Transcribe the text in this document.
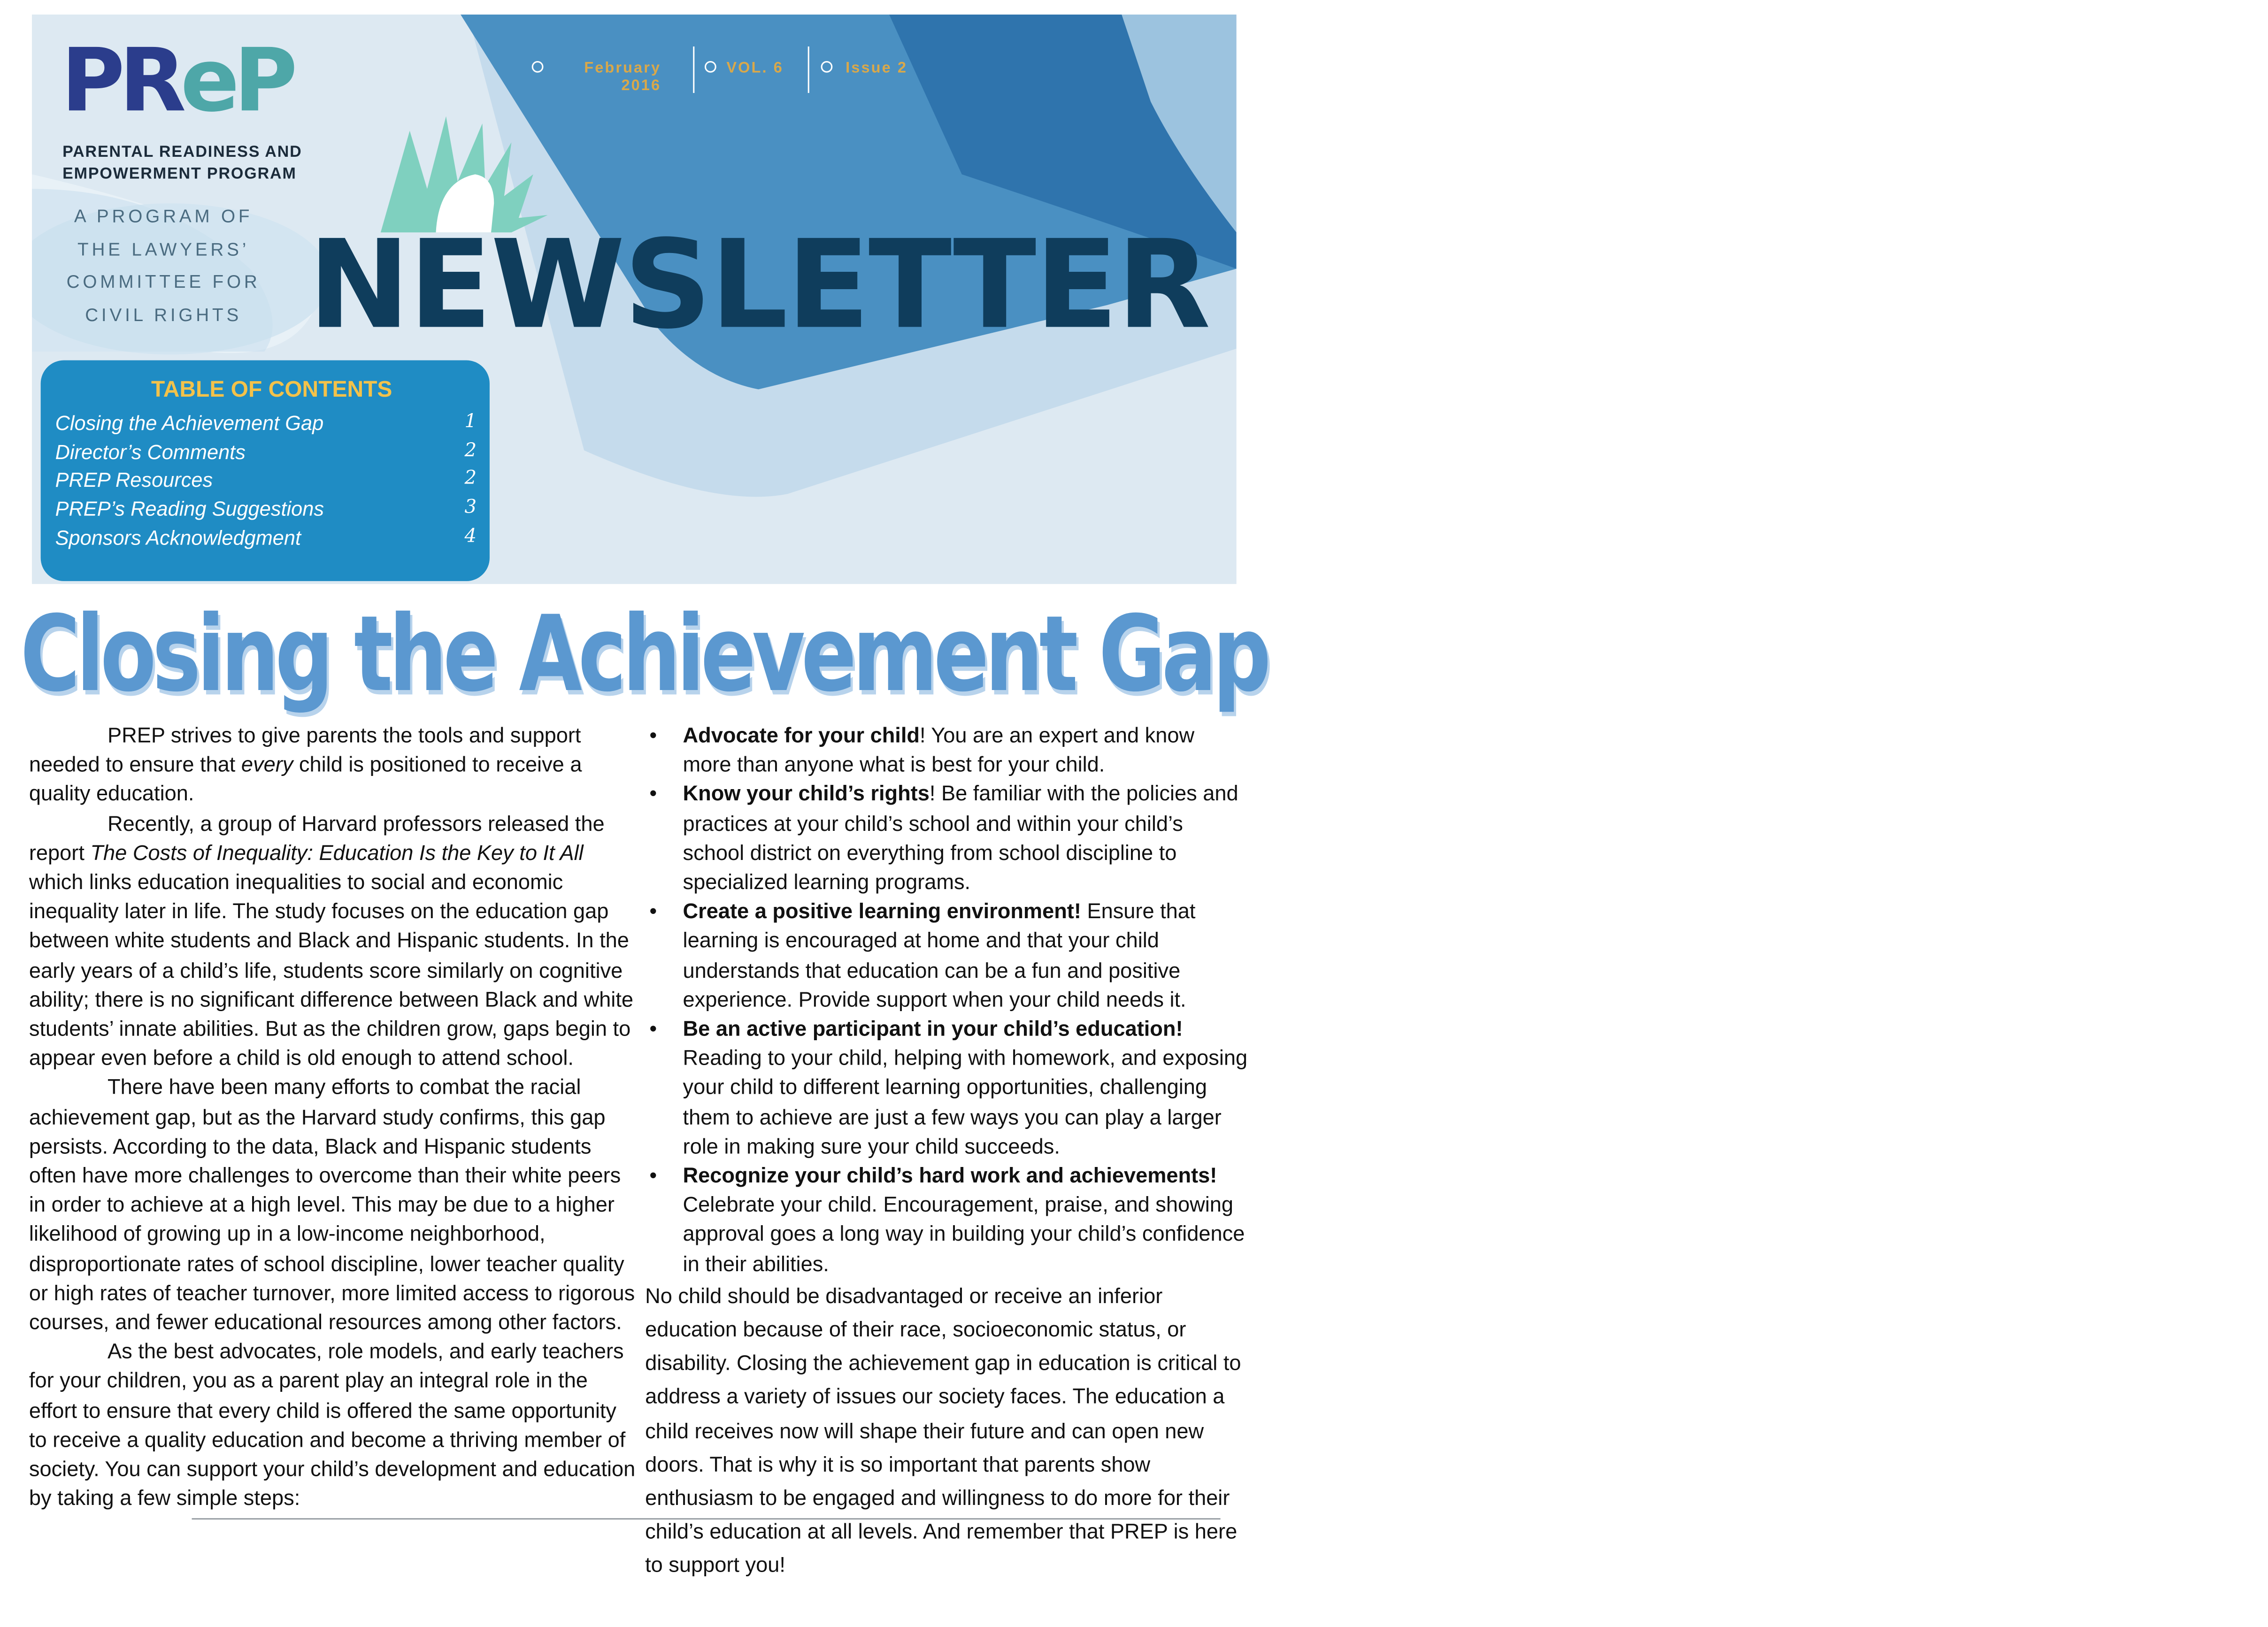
PReP
PARENTAL READINESS AND
EMPOWERMENT PROGRAM
A PROGRAM OF
THE LAWYERS’
COMMITTEE FOR
CIVIL RIGHTS
February
2016
VOL. 6	Issue 2
NEWSLETTER
TABLE OF CONTENTS
Closing the Achievement Gap	1
Director’s Comments	2
PREP Resources	2
PREP’s Reading Suggestions	3
Sponsors Acknowledgment	4
Closing the Achievement Gap

PREP strives to give parents the tools and support needed to ensure that every child is positioned to receive a quality education.

Recently, a group of Harvard professors released the report The Costs of Inequality: Education Is the Key to It All which links education inequalities to social and economic inequality later in life. The study focuses on the education gap between white students and Black and Hispanic students. In the early years of a child’s life, students score similarly on cognitive ability; there is no significant difference between Black and white students’ innate abilities. But as the children grow, gaps begin to appear even before a child is old enough to attend school.

There have been many efforts to combat the racial achievement gap, but as the Harvard study confirms, this gap persists. According to the data, Black and Hispanic students often have more challenges to overcome than their white peers in order to achieve at a high level. This may be due to a higher likelihood of growing up in a low-income neighborhood, disproportionate rates of school discipline, lower teacher quality or high rates of teacher turnover, more limited access to rigorous courses, and fewer educational resources among other factors.

As the best advocates, role models, and early teachers for your children, you as a parent play an integral role in the effort to ensure that every child is offered the same opportunity to receive a quality education and become a thriving member of society. You can support your child’s development and education by taking a few simple steps:

•	Advocate for your child! You are an expert and know more than anyone what is best for your child.

•	Know your child’s rights! Be familiar with the policies and practices at your child’s school and within your child’s school district on everything from school discipline to specialized learning programs.

•	Create a positive learning environment! Ensure that learning is encouraged at home and that your child understands that education can be a fun and positive experience. Provide support when your child needs it.

•	Be an active participant in your child’s education! Reading to your child, helping with homework, and exposing your child to different learning opportunities, challenging them to achieve are just a few ways you can play a larger role in making sure your child succeeds.

•	Recognize your child’s hard work and achievements! Celebrate your child. Encouragement, praise, and showing approval goes a long way in building your child’s confidence in their abilities.

No child should be disadvantaged or receive an inferior education because of their race, socioeconomic status, or disability. Closing the achievement gap in education is critical to address a variety of issues our society faces. The education a child receives now will shape their future and can open new doors. That is why it is so important that parents show enthusiasm to be engaged and willingness to do more for their child’s education at all levels. And remember that PREP is here to support you!
